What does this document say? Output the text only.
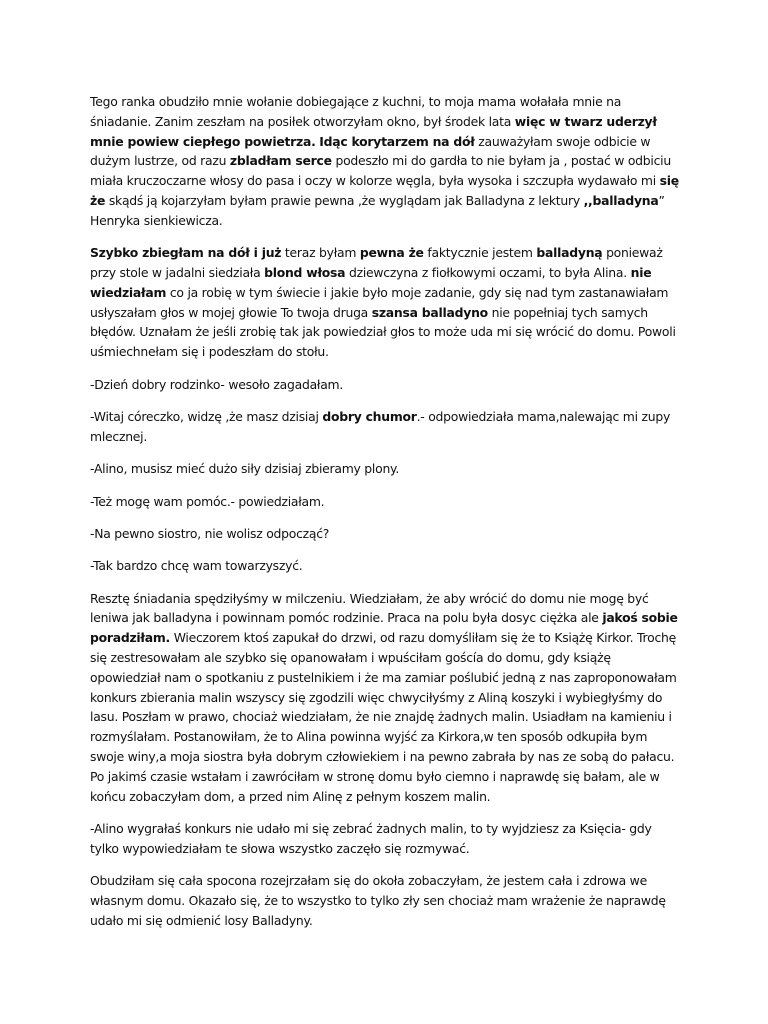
Tego ranka obudziło mnie wołanie dobiegające z kuchni, to moja mama wołałała mnie na śniadanie. Zanim zeszłam na posiłek otworzyłam okno, był środek lata więc w twarz uderzył mnie powiew ciepłego powietrza. Idąc korytarzem na dół zauważyłam swoje odbicie w dużym lustrze, od razu zbladłam serce podeszło mi do gardła to nie byłam ja , postać w odbiciu miała kruczoczarne włosy do pasa i oczy w kolorze węgla, była wysoka i szczupła wydawało mi się że skądś ją kojarzyłam byłam prawie pewna ,że wyglądam jak Balladyna z lektury ,,balladyna” Henryka sienkiewicza.

Szybko zbiegłam na dół i już teraz byłam pewna że faktycznie jestem balladyną ponieważ przy stole w jadalni siedziała blond włosa dziewczyna z fiołkowymi oczami, to była Alina. nie wiedziałam co ja robię w tym świecie i jakie było moje zadanie, gdy się nad tym zastanawiałam usłyszałam głos w mojej głowie To twoja druga szansa balladyno nie popełniaj tych samych błędów. Uznałam że jeśli zrobię tak jak powiedział głos to może uda mi się wrócić do domu. Powoli uśmiechnełam się i podeszłam do stołu.

-Dzień dobry rodzinko- wesoło zagadałam.

-Witaj córeczko, widzę ,że masz dzisiaj dobry chumor.- odpowiedziała mama,nalewając mi zupy mlecznej.

-Alino, musisz mieć dużo siły dzisiaj zbieramy plony.

-Też mogę wam pomóc.- powiedziałam.

-Na pewno siostro, nie wolisz odpocząć?

-Tak bardzo chcę wam towarzyszyć.

Resztę śniadania spędziłyśmy w milczeniu. Wiedziałam, że aby wrócić do domu nie mogę być leniwa jak balladyna i powinnam pomóc rodzinie. Praca na polu była dosyc ciężka ale jakoś sobie poradziłam. Wieczorem ktoś zapukał do drzwi, od razu domyśliłam się że to Książę Kirkor. Trochę się zestresowałam ale szybko się opanowałam i wpuściłam goścía do domu, gdy książę opowiedział nam o spotkaniu z pustelnikiem i że ma zamiar poślubić jedną z nas zaproponowałam konkurs zbierania malin wszyscy się zgodzili więc chwyciłyśmy z Aliną koszyki i wybiegłyśmy do lasu. Poszłam w prawo, chociaż wiedziałam, że nie znajdę żadnych malin. Usiadłam na kamieniu i rozmyślałam. Postanowiłam, że to Alina powinna wyjść za Kirkora,w ten sposób odkupiła bym swoje winy,a moja siostra była dobrym człowiekiem i na pewno zabrała by nas ze sobą do pałacu. Po jakimś czasie wstałam i zawróciłam w stronę domu było ciemno i naprawdę się bałam, ale w końcu zobaczyłam dom, a przed nim Alinę z pełnym koszem malin.

-Alino wygrałaś konkurs nie udało mi się zebrać żadnych malin, to ty wyjdziesz za Księcia- gdy tylko wypowiedziałam te słowa wszystko zaczęło się rozmywać.

Obudziłam się cała spocona rozejrzałam się do okoła zobaczyłam, że jestem cała i zdrowa we własnym domu. Okazało się, że to wszystko to tylko zły sen chociaż mam wrażenie że naprawdę udało mi się odmienić losy Balladyny.
